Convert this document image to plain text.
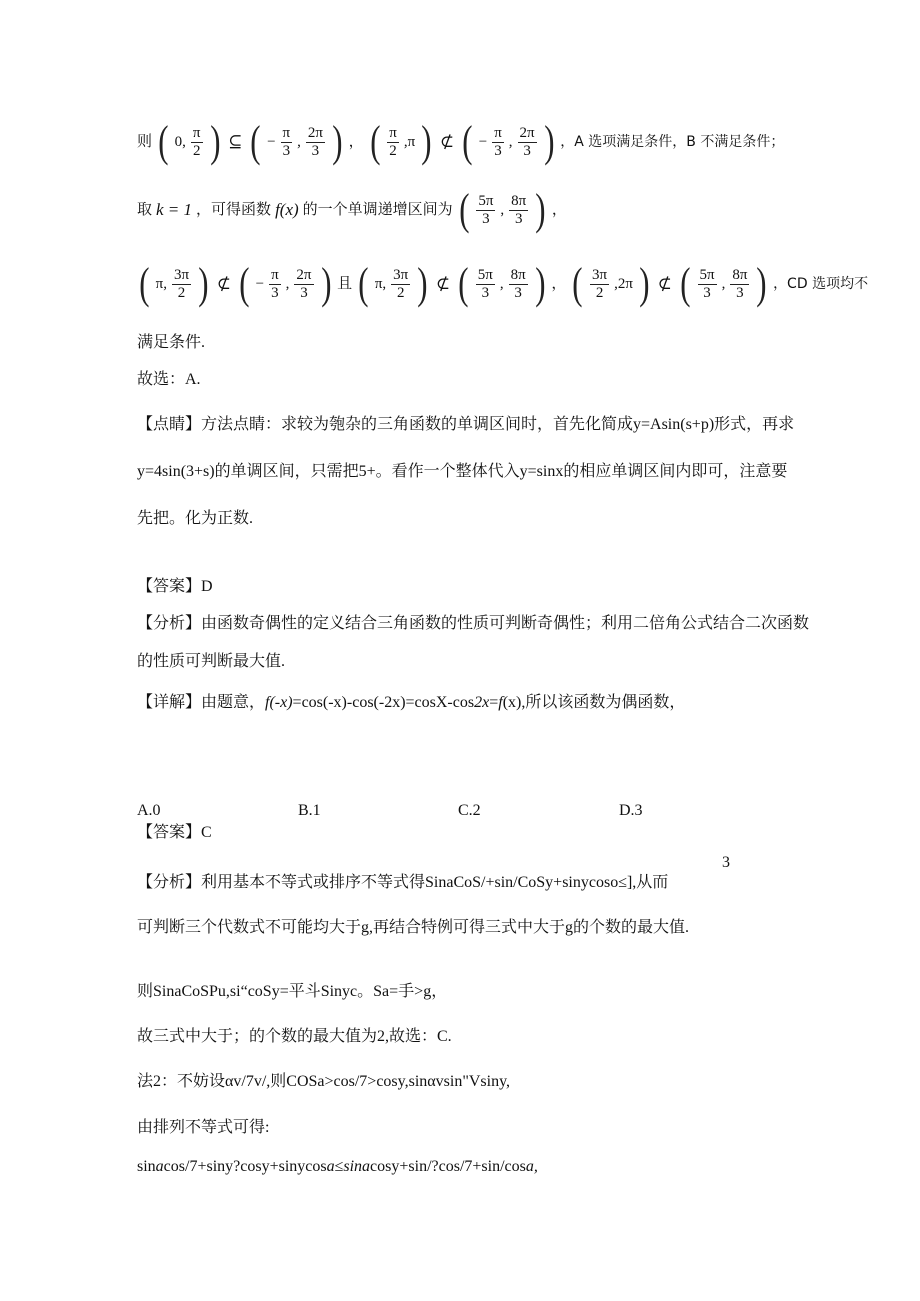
则 ( 0, $\frac{\pi}{2}$ ) ⊆ ( − $\frac{\pi}{3}$ , $\frac{2\pi}{3}$ ) ， ( $\frac{\pi}{2} ,\pi$ ) ⊄ ( − $\frac{\pi}{3}$ , $\frac{2\pi}{3}$ ) ，A 选项满足条件，B 不满足条件；
取 k = 1 ，可得函数 f(x) 的一个单调递增区间为 ( $\frac{5\pi}{3}$ , $\frac{8\pi}{3}$ ) ，
( π, $\frac{3\pi}{2}$ ) ⊄ ( − $\frac{\pi}{3}$ , $\frac{2\pi}{3}$ ) 且 ( π, $\frac{3\pi}{2}$ ) ⊄ ( $\frac{5\pi}{3}$ , $\frac{8\pi}{3}$ ) ， ( $\frac{3\pi}{2} ,2\pi$ ) ⊄ ( $\frac{5\pi}{3}$ , $\frac{8\pi}{3}$ ) ，CD 选项均不
满足条件.
故选：A.
【点睛】方法点睛：求较为匏杂的三角函数的单调区间时，首先化简成y=Asin(s+p)形式，再求
y=4sin(3+s)的单调区间，只需把5+。看作一个整体代入y=sinx的相应单调区间内即可，注意要
先把。化为正数.
【答案】D
【分析】由函数奇偶性的定义结合三角函数的性质可判断奇偶性；利用二倍角公式结合二次函数
的性质可判断最大值.
【详解】由题意，f(-x)=cos(-x)-cos(-2x)=cosX-cos2x=f(x),所以该函数为偶函数，
A.0	B.1	C.2	D.3
【答案】C
3
【分析】利用基本不等式或排序不等式得SinaCoS/+sin/CoSy+sinycoso≤],从而
可判断三个代数式不可能均大于g,再结合特例可得三式中大于g的个数的最大值.
则SinaCoSPu,si“coSy=平斗Sinyc。Sa=手>g，
故三式中大于；的个数的最大值为2,故选：C.
法2：不妨设αv/7v/,则COSa>cos/7>cosy,sinαvsin"Vsiny,
由排列不等式可得:
sinacos/7+siny?cosy+sinycosa≤sinacosy+sin/?cos/7+sin/cosa,
